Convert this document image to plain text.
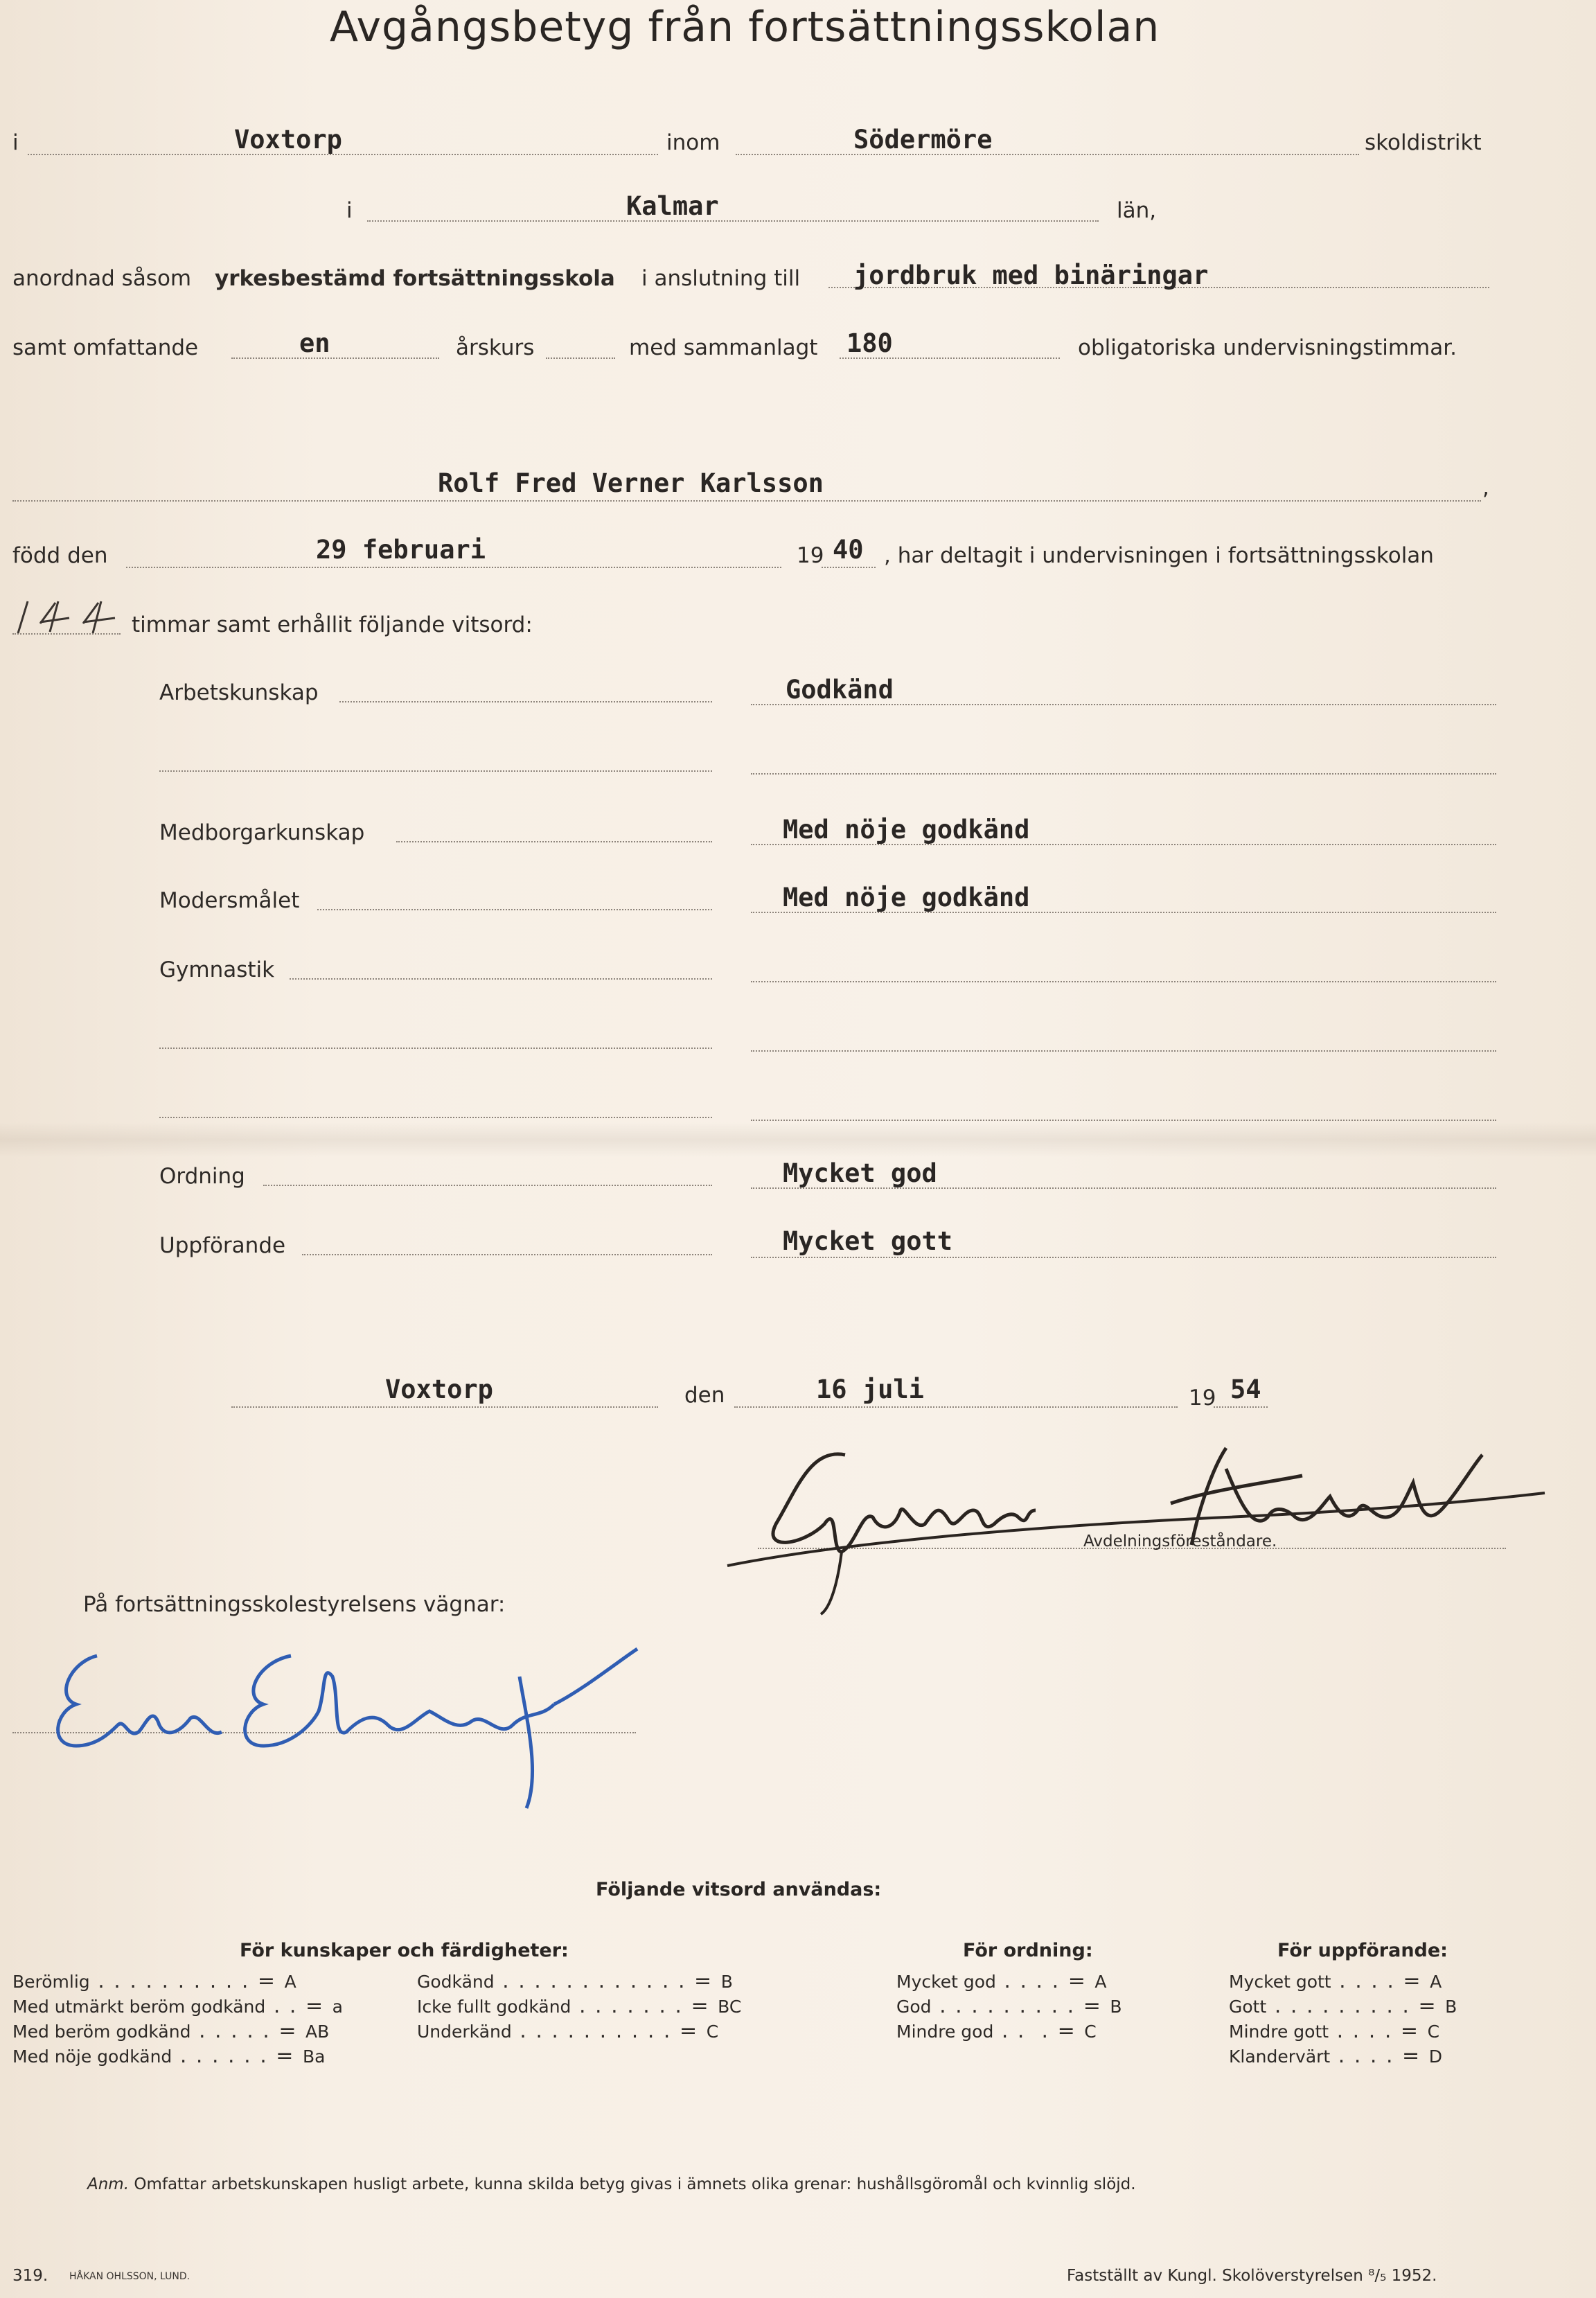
Avgångsbetyg från fortsättningsskolan
i	Voxtorp	inom	Södermöre	skoldistrikt
i	Kalmar	län,
anordnad såsom yrkesbestämd fortsättningsskola i anslutning till jordbruk med binäringar
samt omfattande	en	årskurs	med sammanlagt 180	obligatoriska undervisningstimmar.
Rolf Fred Verner Karlsson	,
född den	29 februari	19 40 , har deltagit i undervisningen i fortsättningsskolan
timmar samt erhållit följande vitsord:
Arbetskunskap	Godkänd
Medborgarkunskap	Med nöje godkänd
Modersmålet	Med nöje godkänd
Gymnastik
Ordning	Mycket god
Uppförande	Mycket gott
Voxtorp	den	16 juli	19 54
Avdelningsföreståndare.
På fortsättningsskolestyrelsens vägnar:
Följande vitsord användas:
För kunskaper och färdigheter:
Berömlig . . . . . . . . . . = A
Med utmärkt beröm godkänd . . = a
Med beröm godkänd . . . . . = AB
Med nöje godkänd . . . . . . = Ba
Godkänd . . . . . . . . . . . . = B
Icke fullt godkänd . . . . . . . = BC
Underkänd . . . . . . . . . . = C
För ordning:
Mycket god . . . . = A
God . . . . . . . . . = B
Mindre god . .  . = C
För uppförande:
Mycket gott . . . . = A
Gott . . . . . . . . . = B
Mindre gott . . . . = C
Klandervärt . . . . = D
Anm. Omfattar arbetskunskapen husligt arbete, kunna skilda betyg givas i ämnets olika grenar: hushållsgöromål och kvinnlig slöjd.
319. HÅKAN OHLSSON, LUND.	Fastställt av Kungl. Skolöverstyrelsen ⁸/₅ 1952.
